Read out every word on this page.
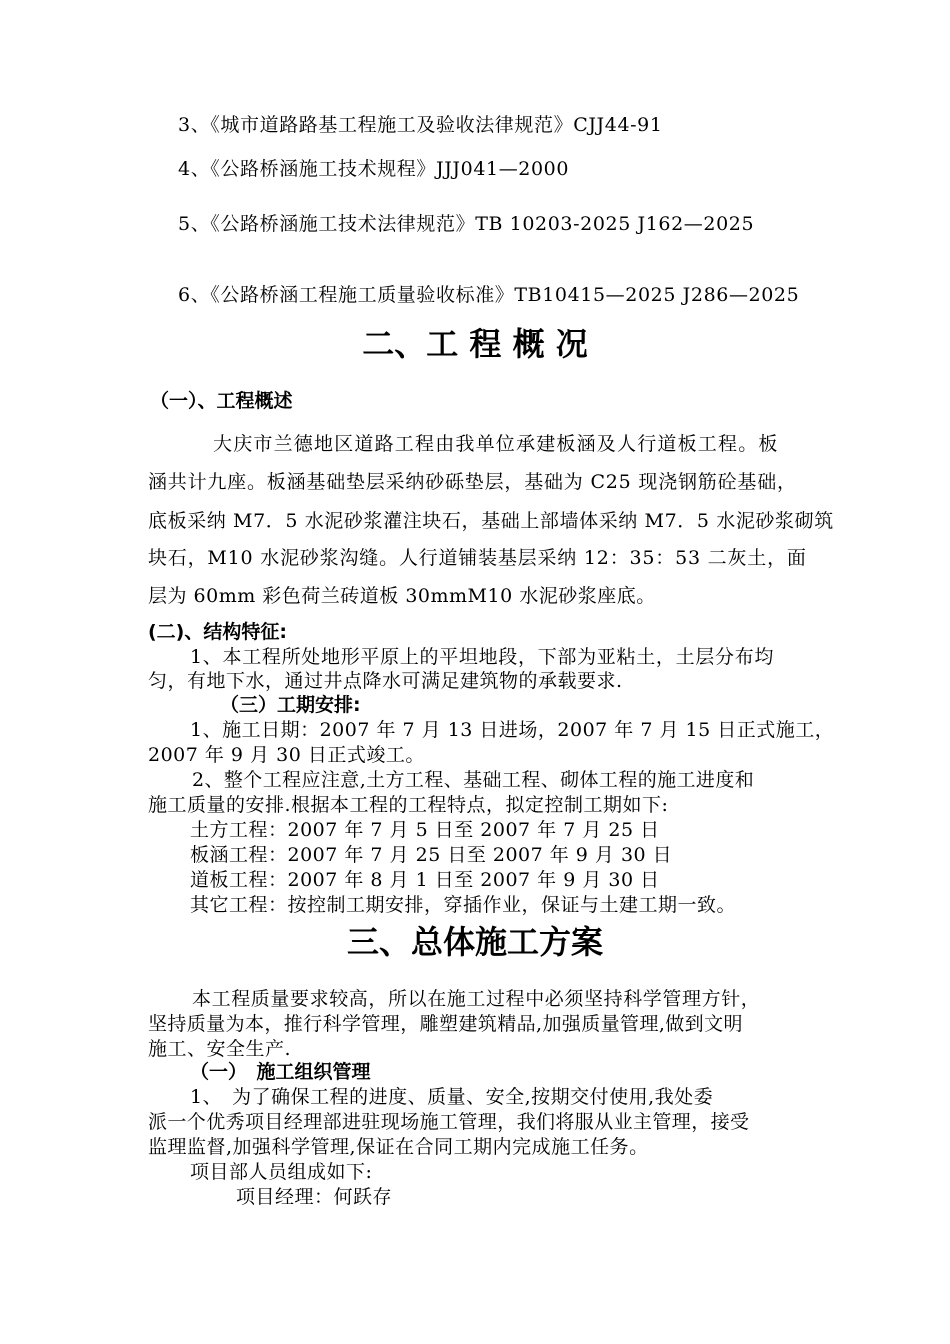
3、《城市道路路基工程施工及验收法律规范》CJJ44-91
4、《公路桥涵施工技术规程》JJJ041—2000
5、《公路桥涵施工技术法律规范》TB 10203-2025 J162—2025
6、《公路桥涵工程施工质量验收标准》TB10415—2025 J286—2025
二、工 程 概 况
（一）、工程概述
大庆市兰德地区道路工程由我单位承建板涵及人行道板工程。板
涵共计九座。板涵基础垫层采纳砂砾垫层，基础为 C25 现浇钢筋砼基础，
底板采纳 M7．5 水泥砂浆灌注块石，基础上部墙体采纳 M7．5 水泥砂浆砌筑
块石，M10 水泥砂浆沟缝。人行道铺装基层采纳 12：35：53 二灰土，面
层为 60mm 彩色荷兰砖道板 30mmM10 水泥砂浆座底。
(二)、结构特征:
1、本工程所处地形平原上的平坦地段，下部为亚粘土，土层分布均
匀，有地下水，通过井点降水可满足建筑物的承载要求.
（三）工期安排:
1、施工日期：2007 年 7 月 13 日进场，2007 年 7 月 15 日正式施工，
2007 年 9 月 30 日正式竣工。
2、整个工程应注意,土方工程、基础工程、砌体工程的施工进度和
施工质量的安排.根据本工程的工程特点，拟定控制工期如下:
土方工程：2007 年 7 月 5 日至 2007 年 7 月 25 日
板涵工程：2007 年 7 月 25 日至 2007 年 9 月 30 日
道板工程：2007 年 8 月 1 日至 2007 年 9 月 30 日
其它工程：按控制工期安排，穿插作业，保证与土建工期一致。
三、总体施工方案
本工程质量要求较高，所以在施工过程中必须坚持科学管理方针，
坚持质量为本，推行科学管理，雕塑建筑精品,加强质量管理,做到文明
施工、安全生产.
（一）　施工组织管理
1、　为了确保工程的进度、质量、安全,按期交付使用,我处委
派一个优秀项目经理部进驻现场施工管理，我们将服从业主管理，接受
监理监督,加强科学管理,保证在合同工期内完成施工任务。
项目部人员组成如下:
项目经理：何跃存
